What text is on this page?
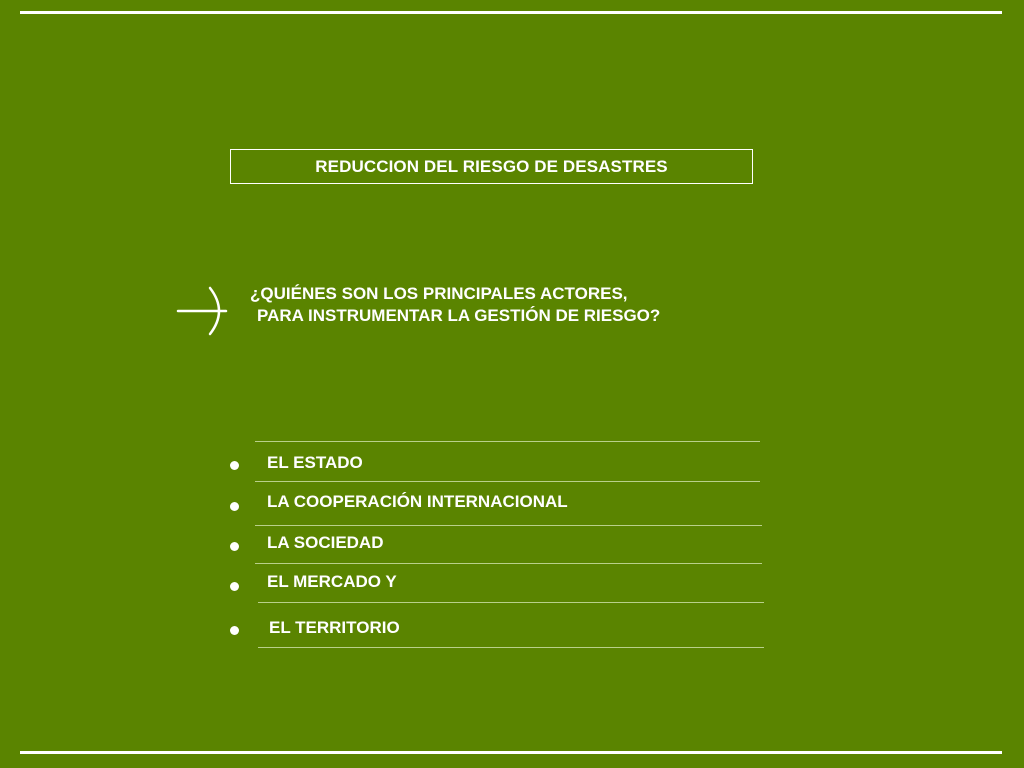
REDUCCION DEL RIESGO DE DESASTRES
¿QUIÉNES SON LOS PRINCIPALES ACTORES,
PARA INSTRUMENTAR LA GESTIÓN DE RIESGO?
EL ESTADO
LA COOPERACIÓN INTERNACIONAL
LA SOCIEDAD
EL MERCADO Y
EL TERRITORIO
